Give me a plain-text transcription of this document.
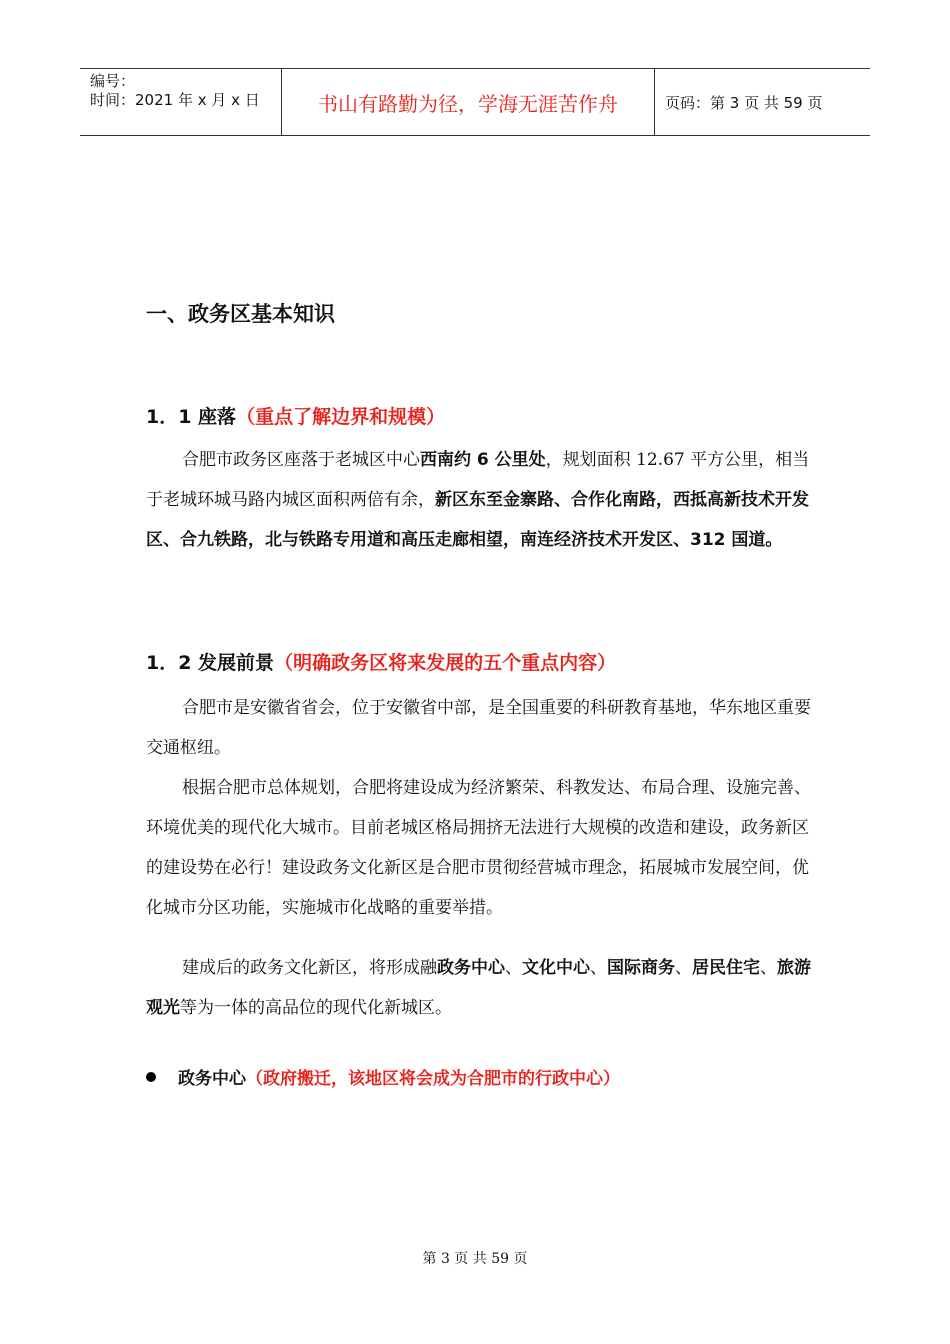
编号：
时间：2021 年 x 月 x 日	书山有路勤为径，学海无涯苦作舟	页码：第 3 页 共 59 页
一、政务区基本知识
1．1 座落（重点了解边界和规模）

合肥市政务区座落于老城区中心西南约 6 公里处，规划面积 12.67 平方公里，相当于老城环城马路内城区面积两倍有余，新区东至金寨路、合作化南路，西抵高新技术开发区、合九铁路，北与铁路专用道和高压走廊相望，南连经济技术开发区、312 国道。

1．2 发展前景（明确政务区将来发展的五个重点内容）

合肥市是安徽省省会，位于安徽省中部，是全国重要的科研教育基地，华东地区重要交通枢纽。

根据合肥市总体规划，合肥将建设成为经济繁荣、科教发达、布局合理、设施完善、环境优美的现代化大城市。目前老城区格局拥挤无法进行大规模的改造和建设，政务新区的建设势在必行！建设政务文化新区是合肥市贯彻经营城市理念，拓展城市发展空间，优化城市分区功能，实施城市化战略的重要举措。

建成后的政务文化新区，将形成融政务中心、文化中心、国际商务、居民住宅、旅游观光等为一体的高品位的现代化新城区。

政务中心 （政府搬迁，该地区将会成为合肥市的行政中心）
第 3 页 共 59 页
